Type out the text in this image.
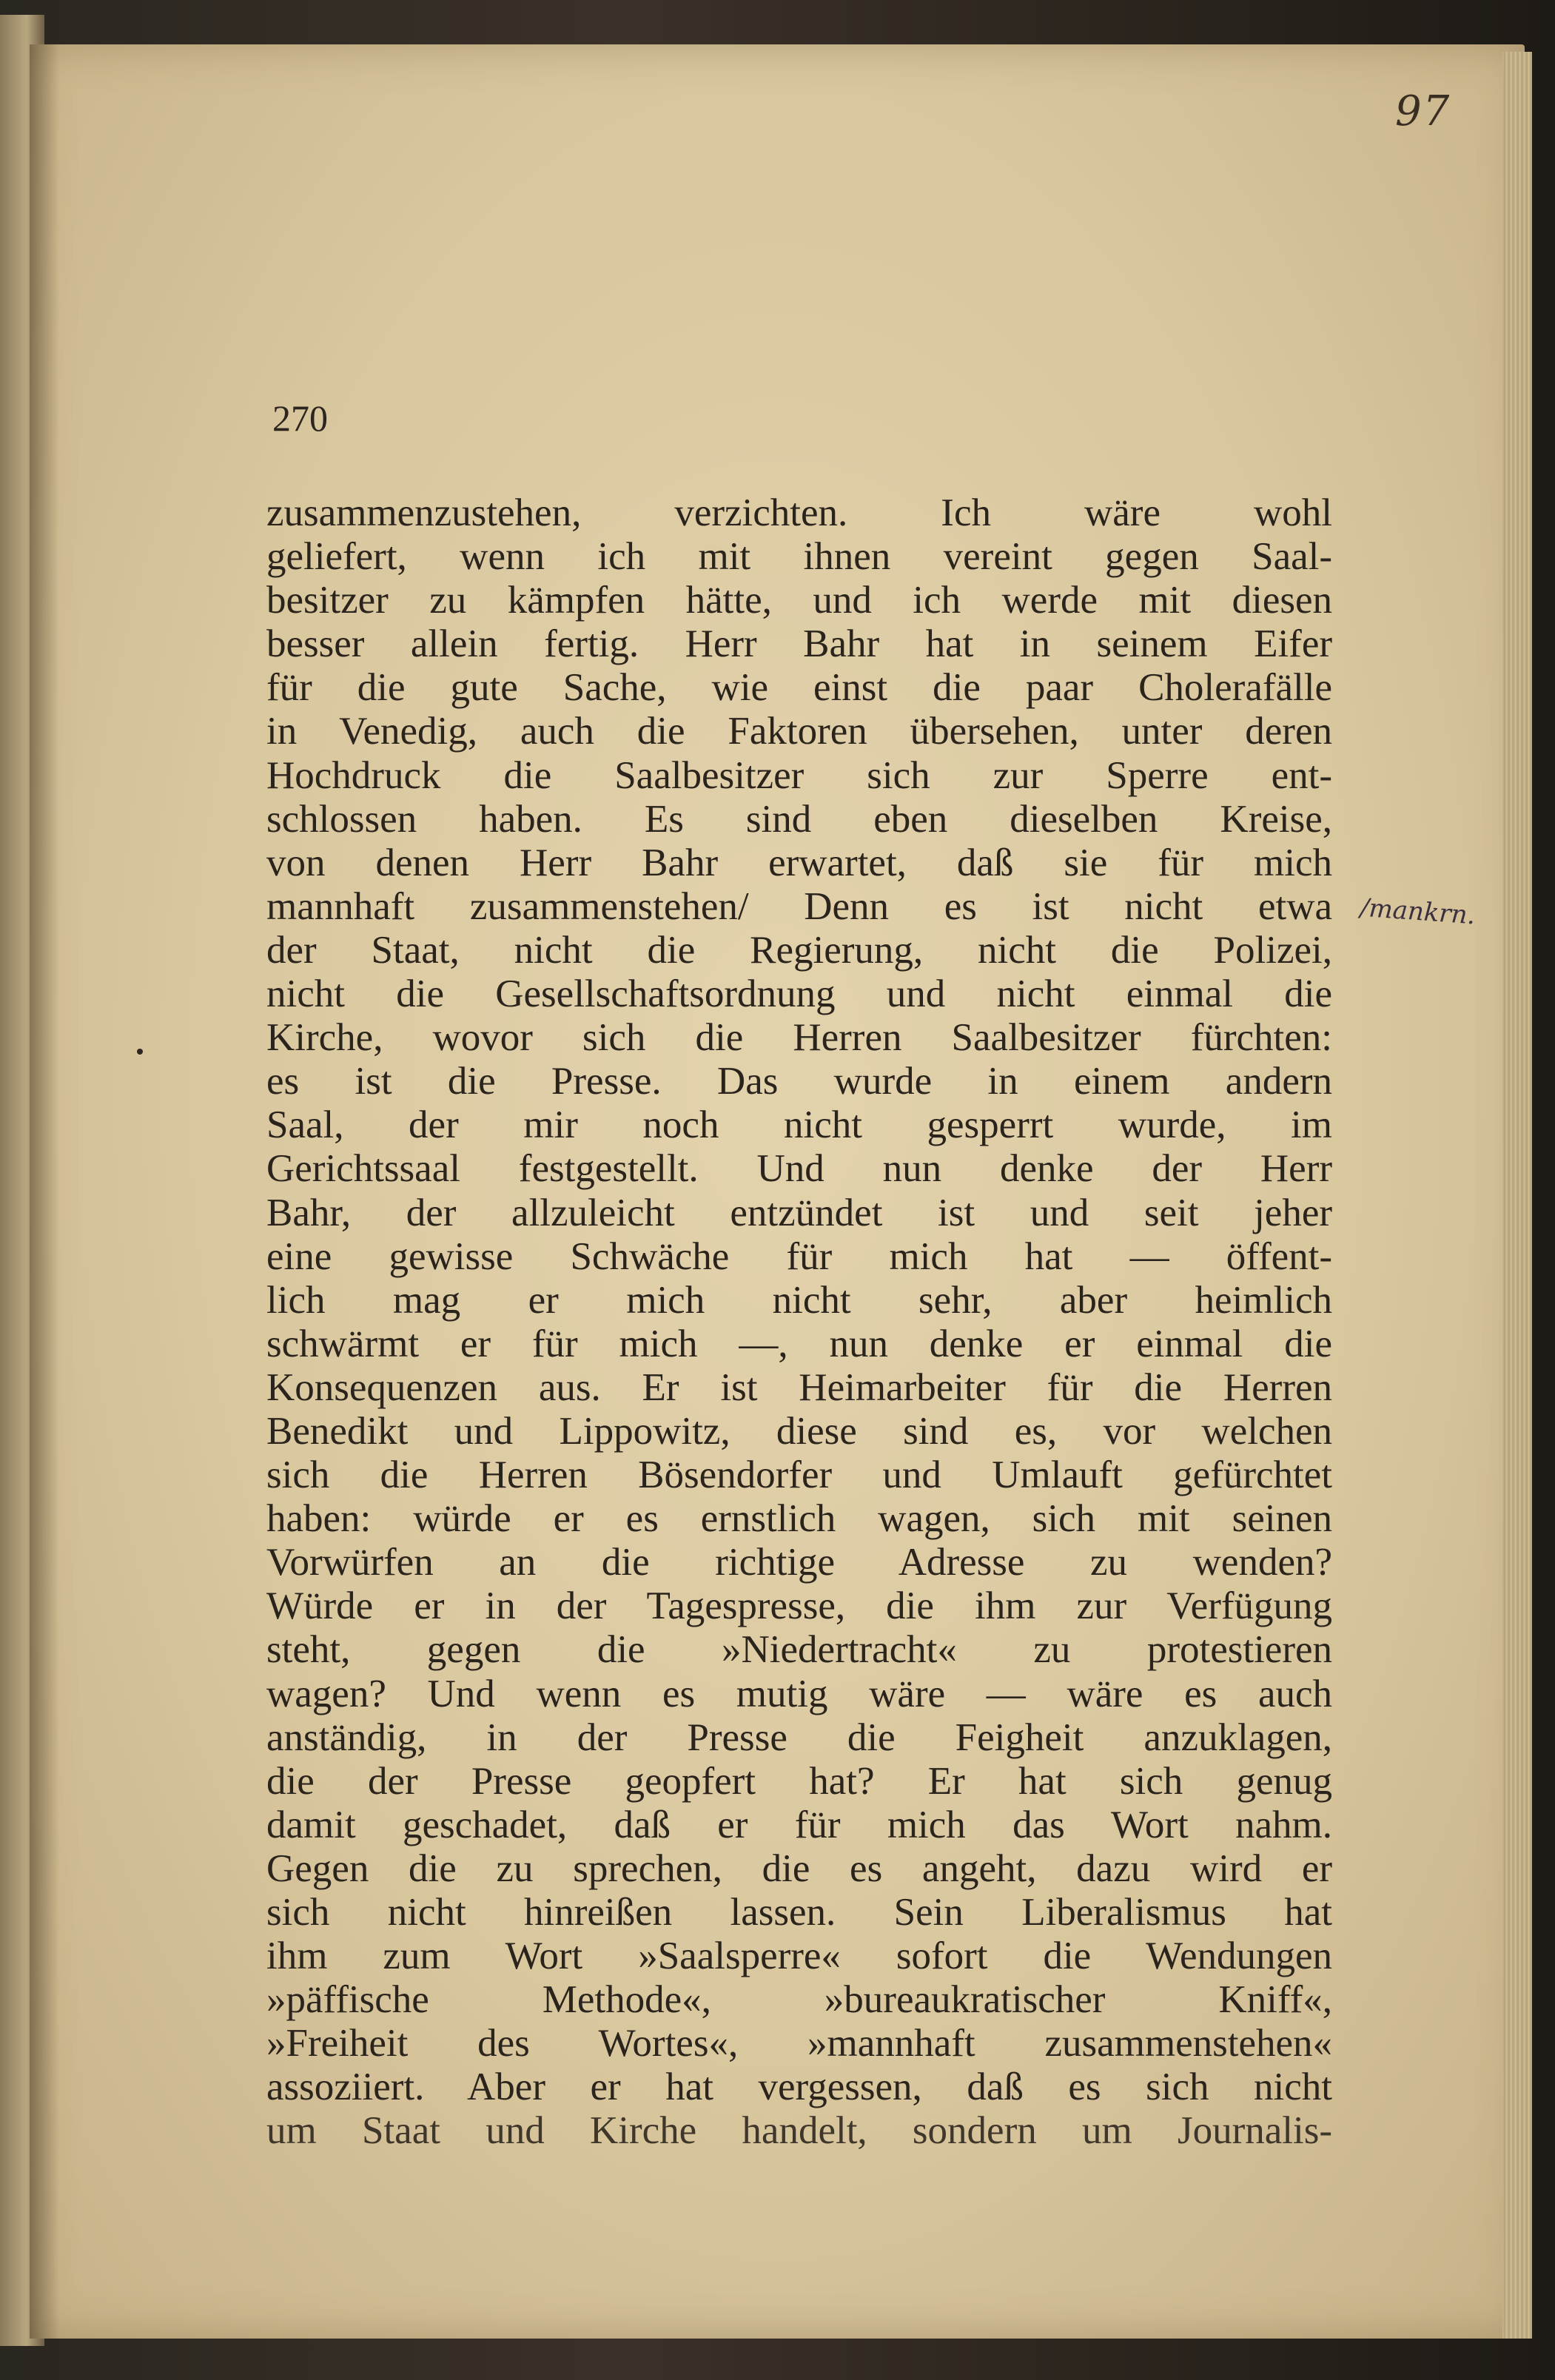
97
270
zusammenzustehen, verzichten. Ich wäre wohl
geliefert, wenn ich mit ihnen vereint gegen Saal-
besitzer zu kämpfen hätte, und ich werde mit diesen
besser allein fertig. Herr Bahr hat in seinem Eifer
für die gute Sache, wie einst die paar Cholerafälle
in Venedig, auch die Faktoren übersehen, unter deren
Hochdruck die Saalbesitzer sich zur Sperre ent-
schlossen haben. Es sind eben dieselben Kreise,
von denen Herr Bahr erwartet, daß sie für mich
mannhaft zusammenstehen/ Denn es ist nicht etwa
der Staat, nicht die Regierung, nicht die Polizei,
nicht die Gesellschaftsordnung und nicht einmal die
Kirche, wovor sich die Herren Saalbesitzer fürchten:
es ist die Presse. Das wurde in einem andern
Saal, der mir noch nicht gesperrt wurde, im
Gerichtssaal festgestellt. Und nun denke der Herr
Bahr, der allzuleicht entzündet ist und seit jeher
eine gewisse Schwäche für mich hat — öffent-
lich mag er mich nicht sehr, aber heimlich
schwärmt er für mich —, nun denke er einmal die
Konsequenzen aus. Er ist Heimarbeiter für die Herren
Benedikt und Lippowitz, diese sind es, vor welchen
sich die Herren Bösendorfer und Umlauft gefürchtet
haben: würde er es ernstlich wagen, sich mit seinen
Vorwürfen an die richtige Adresse zu wenden?
Würde er in der Tagespresse, die ihm zur Verfügung
steht, gegen die »Niedertracht« zu protestieren
wagen? Und wenn es mutig wäre — wäre es auch
anständig, in der Presse die Feigheit anzuklagen,
die der Presse geopfert hat? Er hat sich genug
damit geschadet, daß er für mich das Wort nahm.
Gegen die zu sprechen, die es angeht, dazu wird er
sich nicht hinreißen lassen. Sein Liberalismus hat
ihm zum Wort »Saalsperre« sofort die Wendungen
»päffische Methode«, »bureaukratischer Kniff«,
»Freiheit des Wortes«, »mannhaft zusammenstehen«
assoziiert. Aber er hat vergessen, daß es sich nicht
um Staat und Kirche handelt, sondern um Journalis-
/mankrn.
